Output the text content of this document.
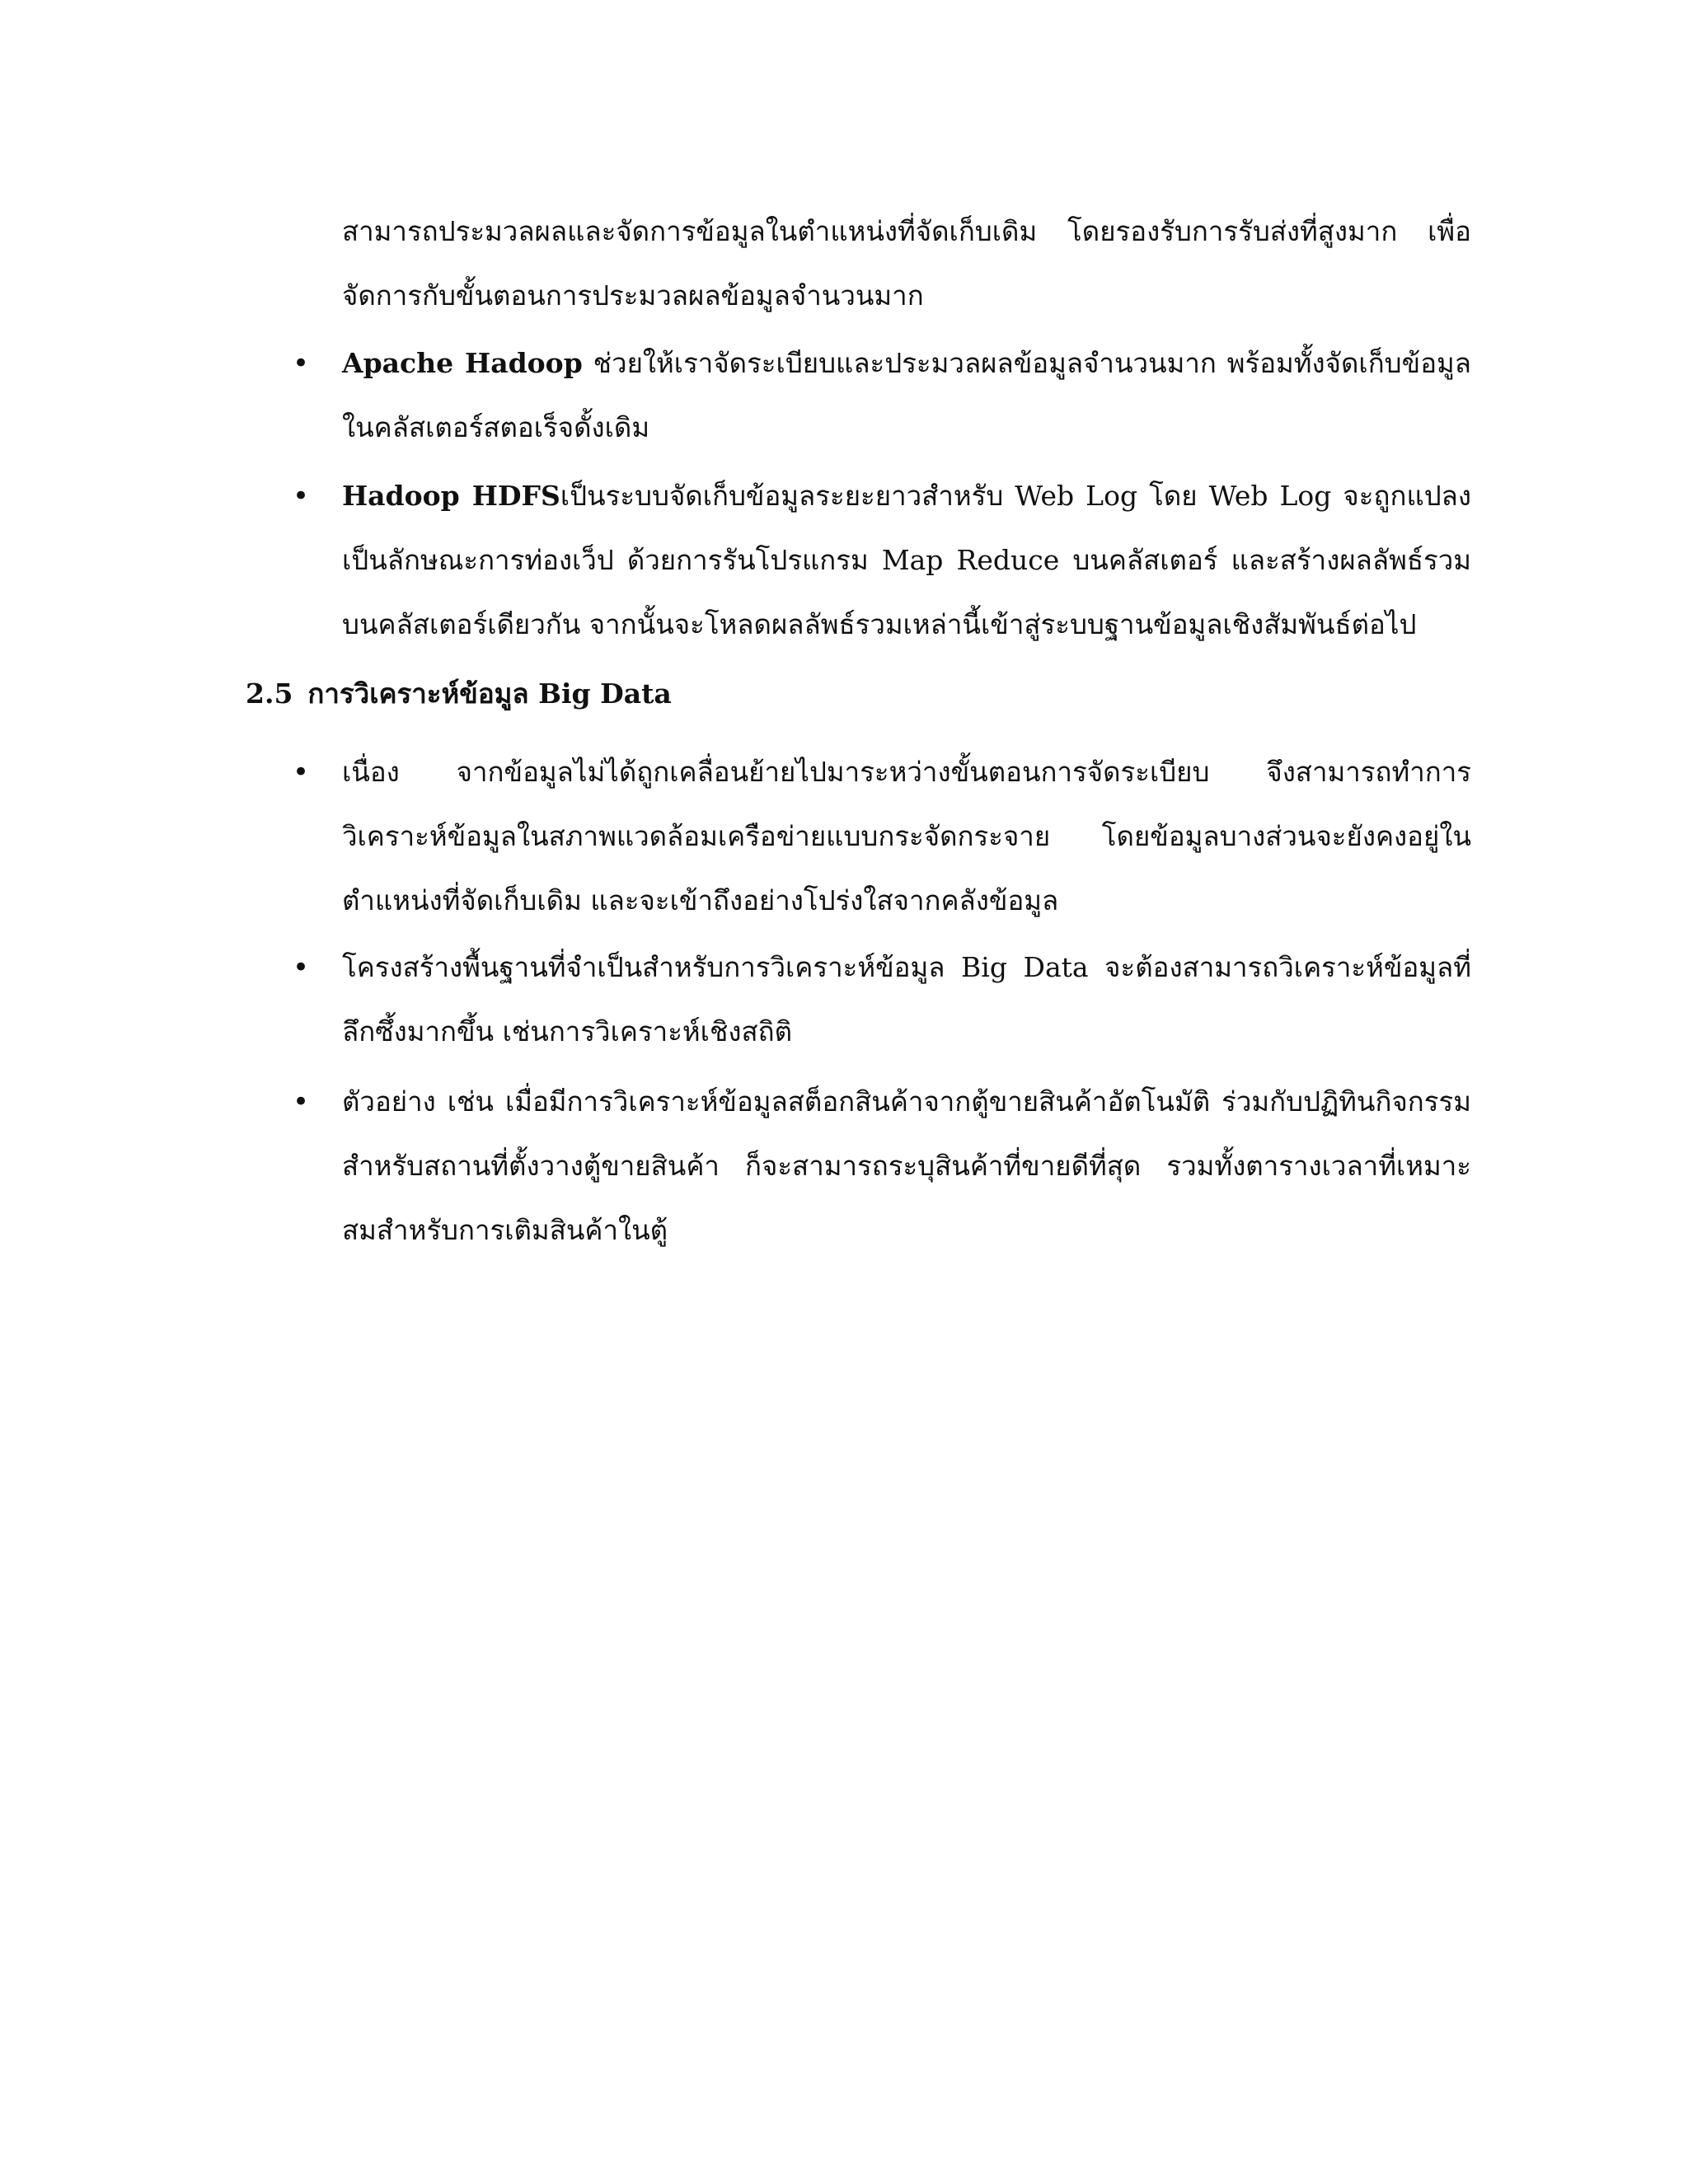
สามารถประมวลผลและจัดการข้อมูลในตำแหน่งที่จัดเก็บเดิม โดยรองรับการรับส่งที่สูงมาก เพื่อจัดการกับขั้นตอนการประมวลผลข้อมูลจำนวนมาก
•	Apache Hadoop ช่วยให้เราจัดระเบียบและประมวลผลข้อมูลจำนวนมาก พร้อมทั้งจัดเก็บข้อมูลในคลัสเตอร์สตอเร็จดั้งเดิม
•	Hadoop HDFSเป็นระบบจัดเก็บข้อมูลระยะยาวสำหรับ Web Log โดย Web Log จะถูกแปลงเป็นลักษณะการท่องเว็ป ด้วยการรันโปรแกรม Map Reduce บนคลัสเตอร์ และสร้างผลลัพธ์รวมบนคลัสเตอร์เดียวกัน จากนั้นจะโหลดผลลัพธ์รวมเหล่านี้เข้าสู่ระบบฐานข้อมูลเชิงสัมพันธ์ต่อไป
2.5 การวิเคราะห์ข้อมูล Big Data
•	เนื่อง จากข้อมูลไม่ได้ถูกเคลื่อนย้ายไปมาระหว่างขั้นตอนการจัดระเบียบ จึงสามารถทำการวิเคราะห์ข้อมูลในสภาพแวดล้อมเครือข่ายแบบกระจัดกระจาย โดยข้อมูลบางส่วนจะยังคงอยู่ในตำแหน่งที่จัดเก็บเดิม และจะเข้าถึงอย่างโปร่งใสจากคลังข้อมูล
•	โครงสร้างพื้นฐานที่จำเป็นสำหรับการวิเคราะห์ข้อมูล Big Data จะต้องสามารถวิเคราะห์ข้อมูลที่ลึกซึ้งมากขึ้น เช่นการวิเคราะห์เชิงสถิติ
•	ตัวอย่าง เช่น เมื่อมีการวิเคราะห์ข้อมูลสต็อกสินค้าจากตู้ขายสินค้าอัตโนมัติ ร่วมกับปฏิทินกิจกรรมสำหรับสถานที่ตั้งวางตู้ขายสินค้า ก็จะสามารถระบุสินค้าที่ขายดีที่สุด รวมทั้งตารางเวลาที่เหมาะสมสำหรับการเติมสินค้าในตู้
